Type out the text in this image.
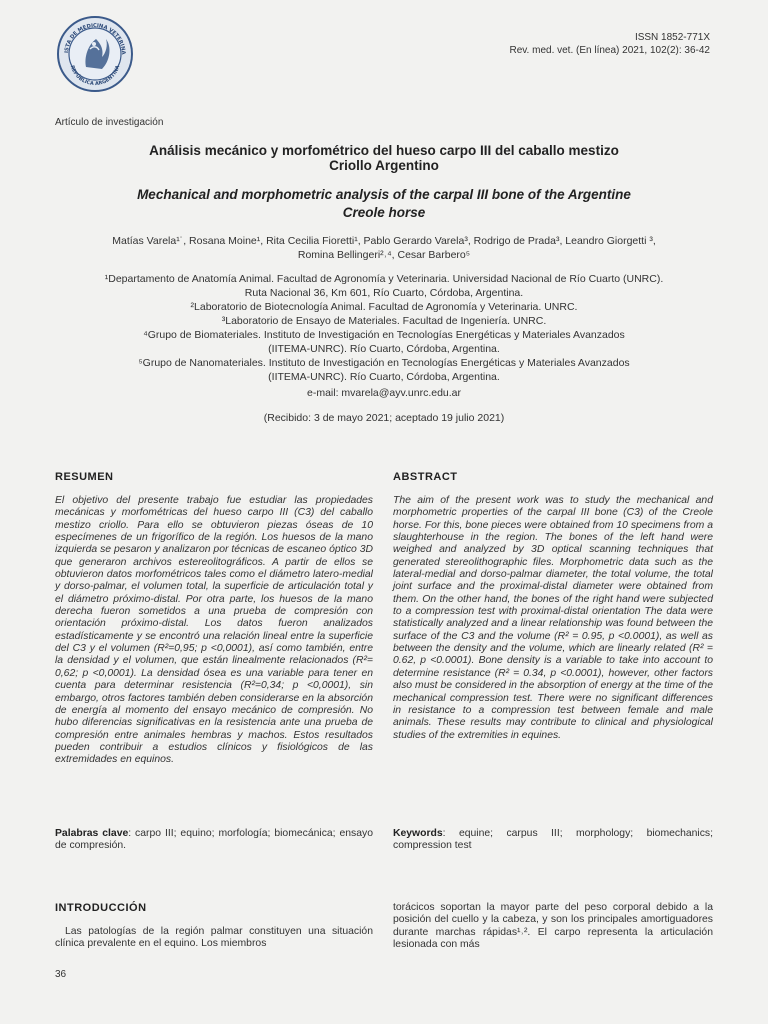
ISTA DE MEDICINA VETERINA
REPÚBLICA ARGENTINA
ISSN 1852-771X
Rev. med. vet. (En línea) 2021, 102(2): 36-42
Artículo de investigación
Análisis mecánico y morfométrico del hueso carpo III del caballo mestizo
Criollo Argentino
Mechanical and morphometric analysis of the carpal III bone of the Argentine
Creole horse
Matías Varela¹˙, Rosana Moine¹, Rita Cecilia Fioretti¹, Pablo Gerardo Varela³, Rodrigo de Prada³, Leandro Giorgetti ³,
Romina Bellingeri²˒⁴, Cesar Barbero⁵

¹Departamento de Anatomía Animal. Facultad de Agronomía y Veterinaria. Universidad Nacional de Río Cuarto (UNRC).

Ruta Nacional 36, Km 601, Río Cuarto, Córdoba, Argentina.

²Laboratorio de Biotecnología Animal. Facultad de Agronomía y Veterinaria. UNRC.

³Laboratorio de Ensayo de Materiales. Facultad de Ingeniería. UNRC.

⁴Grupo de Biomateriales. Instituto de Investigación en Tecnologías Energéticas y Materiales Avanzados

(IITEMA-UNRC). Río Cuarto, Córdoba, Argentina.

⁵Grupo de Nanomateriales. Instituto de Investigación en Tecnologías Energéticas y Materiales Avanzados

(IITEMA-UNRC). Río Cuarto, Córdoba, Argentina.

e-mail: mvarela@ayv.unrc.edu.ar
(Recibido: 3 de mayo 2021; aceptado 19 julio 2021)
RESUMEN
El objetivo del presente trabajo fue estudiar las propiedades mecánicas y morfométricas del hueso carpo III (C3) del caballo mestizo criollo. Para ello se obtuvieron piezas óseas de 10 especímenes de un frigorífico de la región. Los huesos de la mano izquierda se pesaron y analizaron por técnicas de escaneo óptico 3D que generaron archivos estereolitográficos. A partir de ellos se obtuvieron datos morfométricos tales como el diámetro latero-medial y dorso-palmar, el volumen total, la superficie de articulación total y el diámetro próximo-distal. Por otra parte, los huesos de la mano derecha fueron sometidos a una prueba de compresión con orientación próximo-distal. Los datos fueron analizados estadísticamente y se encontró una relación lineal entre la superficie del C3 y el volumen (R²=0,95; p <0,0001), así como también, entre la densidad y el volumen, que están linealmente relacionados (R²= 0,62; p <0,0001). La densidad ósea es una variable para tener en cuenta para determinar resistencia (R²=0,34; p <0,0001), sin embargo, otros factores también deben considerarse en la absorción de energía al momento del ensayo mecánico de compresión. No hubo diferencias significativas en la resistencia ante una prueba de compresión entre animales hembras y machos. Estos resultados pueden contribuir a estudios clínicos y fisiológicos de las extremidades en equinos.
Palabras clave: carpo III; equino; morfología; biomecánica; ensayo de compresión.
ABSTRACT
The aim of the present work was to study the mechanical and morphometric properties of the carpal III bone (C3) of the Creole horse. For this, bone pieces were obtained from 10 specimens from a slaughterhouse in the region. The bones of the left hand were weighed and analyzed by 3D optical scanning techniques that generated stereolithographic files. Morphometric data such as the lateral-medial and dorso-palmar diameter, the total volume, the total joint surface and the proximal-distal diameter were obtained from them. On the other hand, the bones of the right hand were subjected to a compression test with proximal-distal orientation The data were statistically analyzed and a linear relationship was found between the surface of the C3 and the volume (R² = 0.95, p <0.0001), as well as between the density and the volume, which are linearly related (R² = 0.62, p <0.0001). Bone density is a variable to take into account to determine resistance (R² = 0.34, p <0.0001), however, other factors also must be considered in the absorption of energy at the time of the mechanical compression test. There were no significant differences in resistance to a compression test between female and male animals. These results may contribute to clinical and physiological studies of the extremities in equines.
Keywords: equine; carpus III; morphology; biomechanics; compression test
INTRODUCCIÓN
Las patologías de la región palmar constituyen una situación clínica prevalente en el equino. Los miembros
torácicos soportan la mayor parte del peso corporal debido a la posición del cuello y la cabeza, y son los principales amortiguadores durante marchas rápidas¹˒². El carpo representa la articulación lesionada con más
36
